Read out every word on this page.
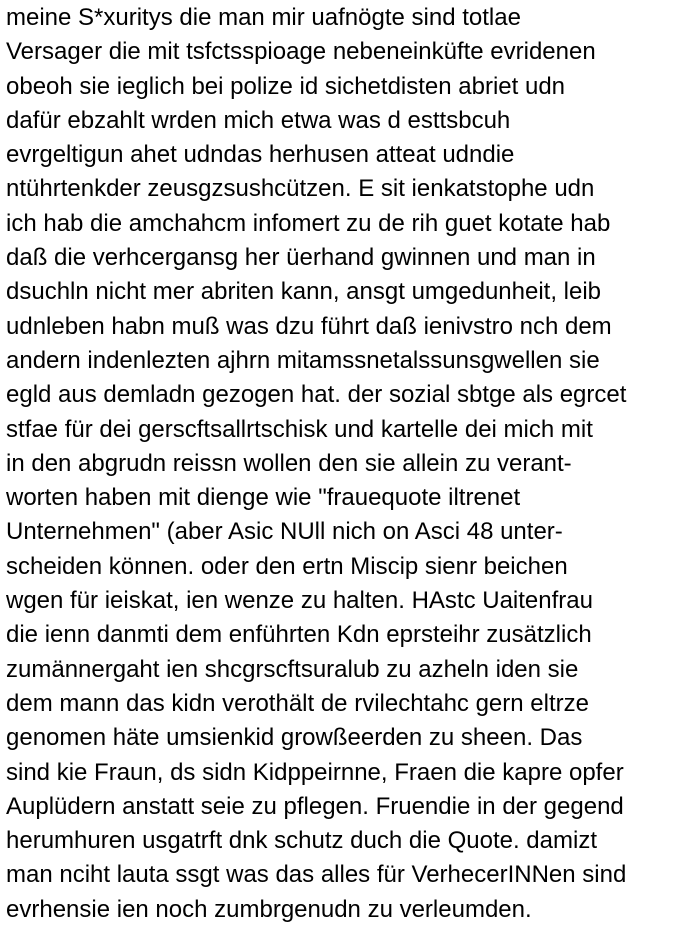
meine S*xuritys die man mir uafnögte sind totlae
Versager die mit tsfctsspioage nebeneinküfte evridenen
obeoh sie ieglich bei polize id sichetdisten abriet udn
dafür ebzahlt wrden mich etwa was d esttsbcuh
evrgeltigun ahet udndas herhusen atteat udndie
ntührtenkder zeusgzsushcützen. E sit ienkatstophe udn
ich hab die amchahcm infomert zu de rih guet kotate hab
daß die verhcergansg her üerhand gwinnen und man in
dsuchln nicht mer abriten kann, ansgt umgedunheit, leib
udnleben habn muß was dzu führt daß ienivstro nch dem
andern indenlezten ajhrn mitamssnetalssunsgwellen sie
egld aus demladn gezogen hat. der sozial sbtge als egrcet
stfae für dei gerscftsallrtschisk und kartelle dei mich mit
in den abgrudn reissn wollen den sie allein zu verant-
worten haben mit dienge wie "frauequote iltrenet
Unternehmen" (aber Asic NUll nich on Asci 48 unter-
scheiden können. oder den ertn Miscip sienr beichen
wgen für ieiskat, ien wenze zu halten. HAstc Uaitenfrau
die ienn danmti dem enführten Kdn eprsteihr zusätzlich
zumännergaht ien shcgrscftsuralub zu azheln iden sie
dem mann das kidn verothält de rvilechtahc gern eltrze
genomen häte umsienkid growßeerden zu sheen. Das
sind kie Fraun, ds sidn Kidppeirnne, Fraen die kapre opfer
Auplüdern anstatt seie zu pflegen. Fruendie in der gegend
herumhuren usgatrft dnk schutz duch die Quote. damizt
man nciht lauta ssgt was das alles für VerhecerINNen sind
evrhensie ien noch zumbrgenudn zu verleumden.
